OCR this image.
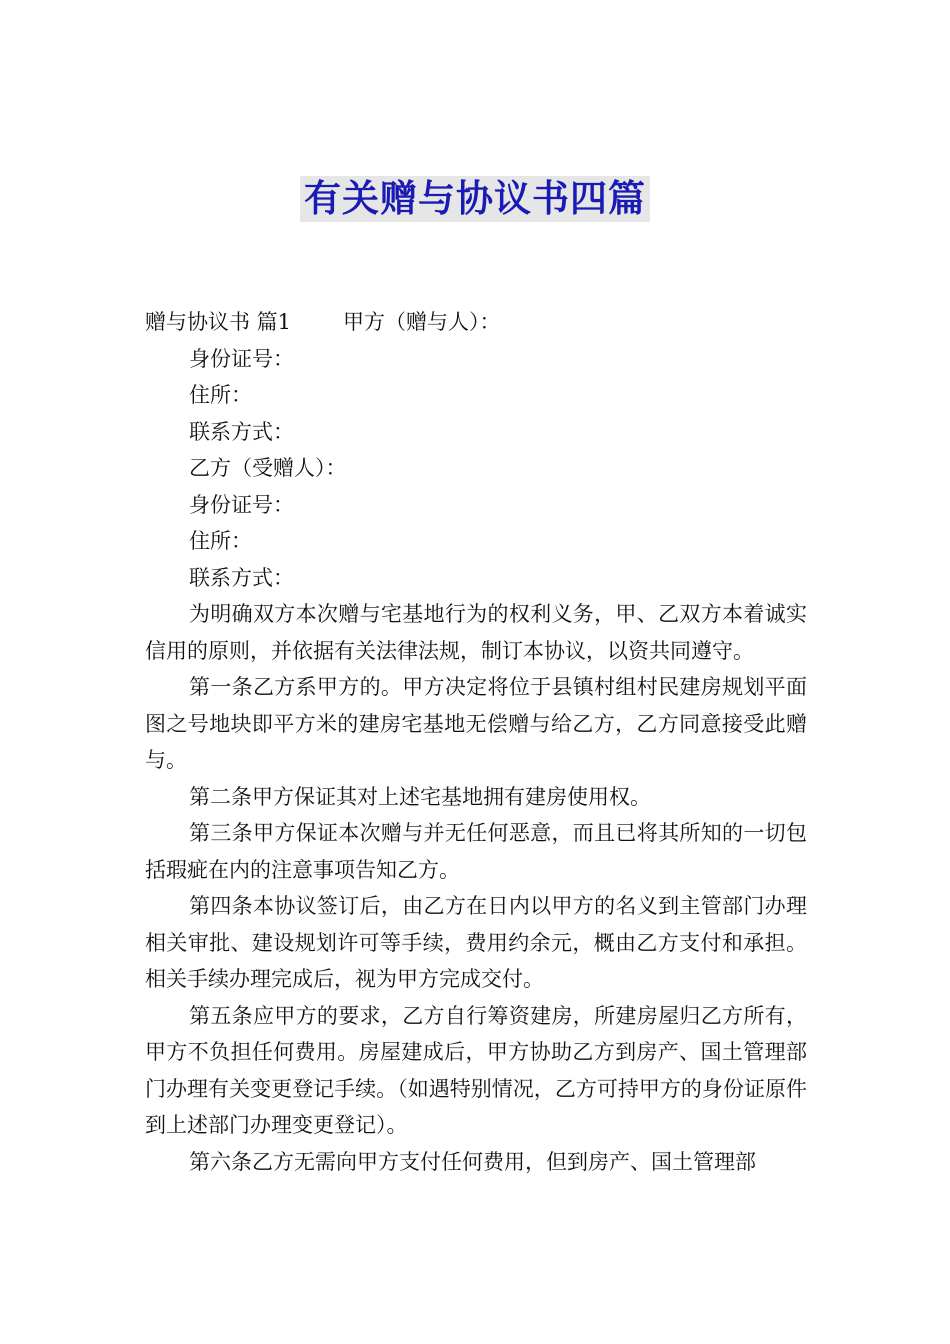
有关赠与协议书四篇

赠与协议书 篇1 甲方（赠与人）：

身份证号：

住所：

联系方式：

乙方（受赠人）：

身份证号：

住所：

联系方式：

为明确双方本次赠与宅基地行为的权利义务，甲、乙双方本着诚实信用的原则，并依据有关法律法规，制订本协议，以资共同遵守。

第一条乙方系甲方的。甲方决定将位于县镇村组村民建房规划平面图之号地块即平方米的建房宅基地无偿赠与给乙方，乙方同意接受此赠与。

第二条甲方保证其对上述宅基地拥有建房使用权。

第三条甲方保证本次赠与并无任何恶意，而且已将其所知的一切包括瑕疵在内的注意事项告知乙方。

第四条本协议签订后，由乙方在日内以甲方的名义到主管部门办理相关审批、建设规划许可等手续，费用约余元，概由乙方支付和承担。相关手续办理完成后，视为甲方完成交付。

第五条应甲方的要求，乙方自行筹资建房，所建房屋归乙方所有，甲方不负担任何费用。房屋建成后，甲方协助乙方到房产、国土管理部门办理有关变更登记手续。（如遇特别情况，乙方可持甲方的身份证原件到上述部门办理变更登记）。

第六条乙方无需向甲方支付任何费用，但到房产、国土管理部
